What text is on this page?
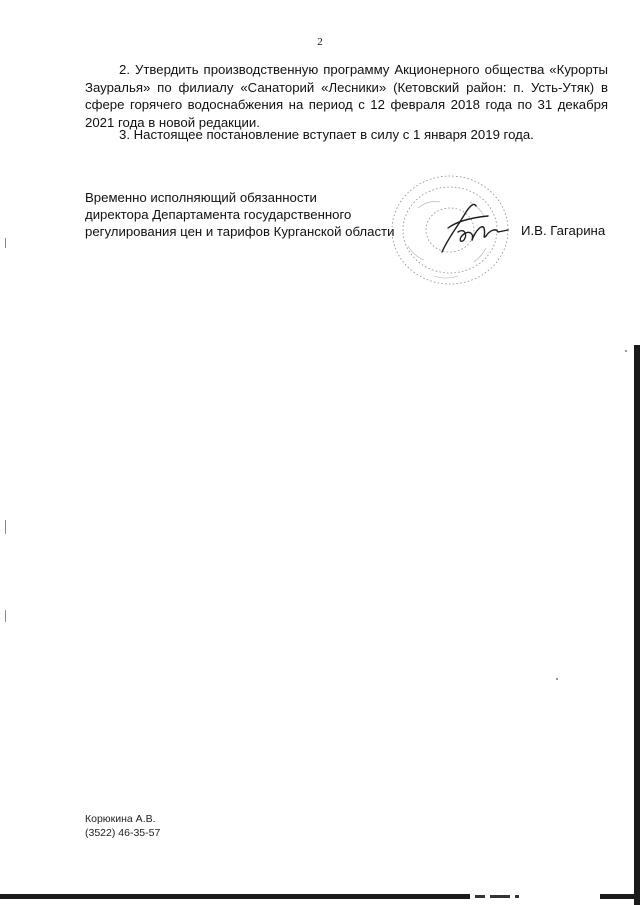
2

2. Утвердить производственную программу Акционерного общества «Курорты Зауралья» по филиалу «Санаторий «Лесники» (Кетовский район: п. Усть-Утяк) в сфере горячего водоснабжения на период с 12 февраля 2018 года по 31 декабря 2021 года в новой редакции.

3. Настоящее постановление вступает в силу с 1 января 2019 года.

Временно исполняющий обязанности
директора Департамента государственного
регулирования цен и тарифов Курганской области	И.В. Гагарина
Корюкина А.В.
(3522) 46-35-57
